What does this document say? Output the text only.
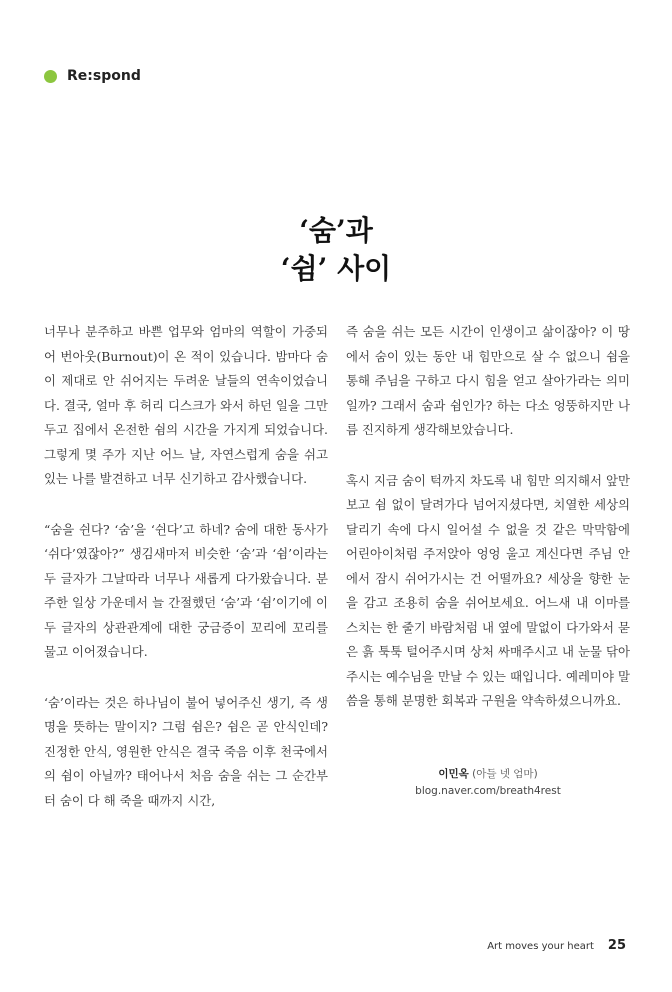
Re:spond
‘숨’과
‘쉼’ 사이

너무나 분주하고 바쁜 업무와 엄마의 역할이 가중되어 번아웃(Burnout)이 온 적이 있습니다. 밤마다 숨이 제대로 안 쉬어지는 두려운 날들의 연속이었습니다. 결국, 얼마 후 허리 디스크가 와서 하던 일을 그만두고 집에서 온전한 쉼의 시간을 가지게 되었습니다. 그렇게 몇 주가 지난 어느 날, 자연스럽게 숨을 쉬고 있는 나를 발견하고 너무 신기하고 감사했습니다.

“숨을 쉰다? ‘숨’을 ‘쉰다’고 하네? 숨에 대한 동사가 ‘쉬다’였잖아?” 생김새마저 비슷한 ‘숨’과 ‘쉼’이라는 두 글자가 그날따라 너무나 새롭게 다가왔습니다. 분주한 일상 가운데서 늘 간절했던 ‘숨’과 ‘쉼’이기에 이 두 글자의 상관관계에 대한 궁금증이 꼬리에 꼬리를 물고 이어졌습니다.

‘숨’이라는 것은 하나님이 불어 넣어주신 생기, 즉 생명을 뜻하는 말이지? 그럼 쉼은? 쉼은 곧 안식인데? 진정한 안식, 영원한 안식은 결국 죽음 이후 천국에서의 쉼이 아닐까? 태어나서 처음 숨을 쉬는 그 순간부터 숨이 다 해 죽을 때까지 시간,

즉 숨을 쉬는 모든 시간이 인생이고 삶이잖아? 이 땅에서 숨이 있는 동안 내 힘만으로 살 수 없으니 쉼을 통해 주님을 구하고 다시 힘을 얻고 살아가라는 의미일까? 그래서 숨과 쉼인가? 하는 다소 엉뚱하지만 나름 진지하게 생각해보았습니다.

혹시 지금 숨이 턱까지 차도록 내 힘만 의지해서 앞만 보고 쉼 없이 달려가다 넘어지셨다면, 치열한 세상의 달리기 속에 다시 일어설 수 없을 것 같은 막막함에 어린아이처럼 주저앉아 엉엉 울고 계신다면 주님 안에서 잠시 쉬어가시는 건 어떨까요? 세상을 향한 눈을 감고 조용히 숨을 쉬어보세요. 어느새 내 이마를 스치는 한 줄기 바람처럼 내 옆에 말없이 다가와서 묻은 흙 툭툭 털어주시며 상처 싸매주시고 내 눈물 닦아주시는 예수님을 만날 수 있는 때입니다. 예레미야 말씀을 통해 분명한 회복과 구원을 약속하셨으니까요.

이민옥 (아들 넷 엄마)
blog.naver.com/breath4rest
Art moves your heart 25
